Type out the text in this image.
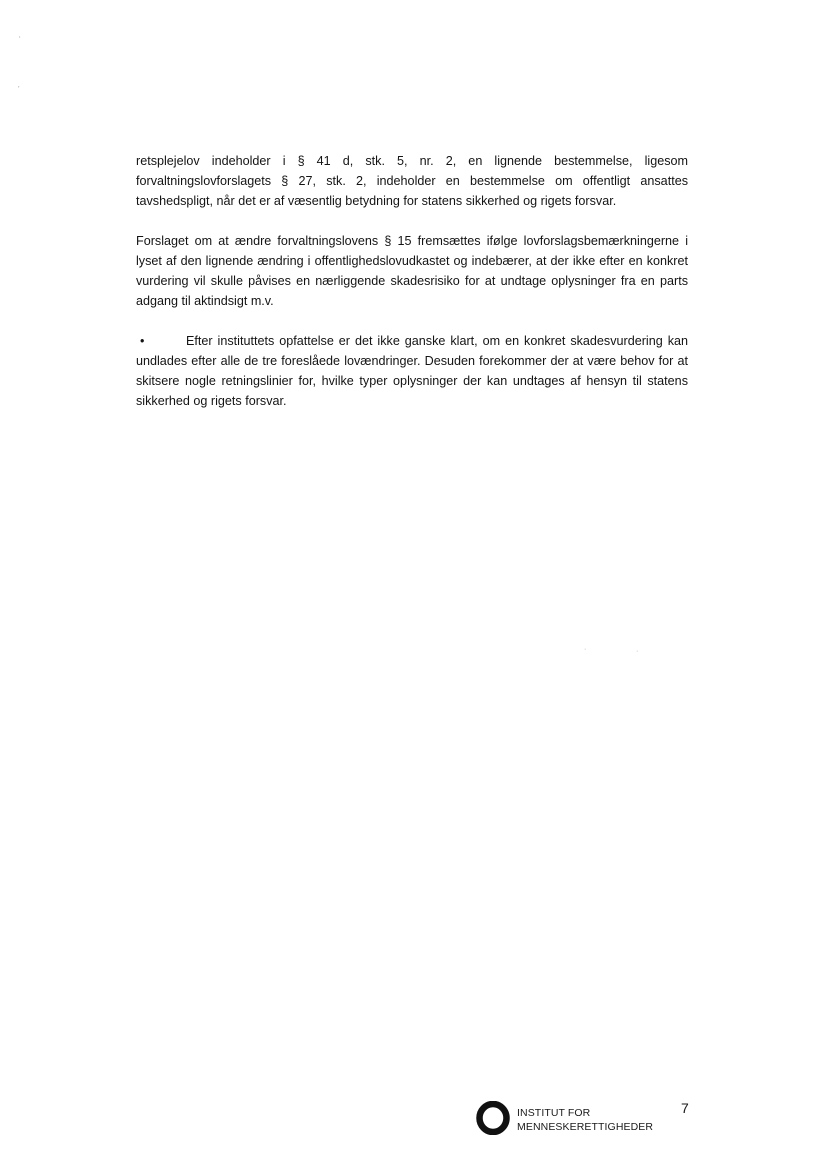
‘
’
·
·

retsplejelov indeholder i § 41 d, stk. 5, nr. 2, en lignende bestemmelse, ligesom forvaltningslovforslagets § 27, stk. 2, indeholder en bestemmelse om offentligt ansattes tavshedspligt, når det er af væsentlig betydning for statens sikkerhed og rigets forsvar.

Forslaget om at ændre forvaltningslovens § 15 fremsættes ifølge lovforslagsbemærkningerne i lyset af den lignende ændring i offentlighedslovudkastet og indebærer, at der ikke efter en konkret vurdering vil skulle påvises en nærliggende skadesrisiko for at undtage oplysninger fra en parts adgang til aktindsigt m.v.

•	Efter instituttets opfattelse er det ikke ganske klart, om en konkret skadesvurdering kan undlades efter alle de tre foreslåede lovændringer. Desuden forekommer der at være behov for at skitsere nogle retningslinier for, hvilke typer oplysninger der kan undtages af hensyn til statens sikkerhed og rigets forsvar.
INSTITUT FOR
MENNESKERETTIGHEDER
7
